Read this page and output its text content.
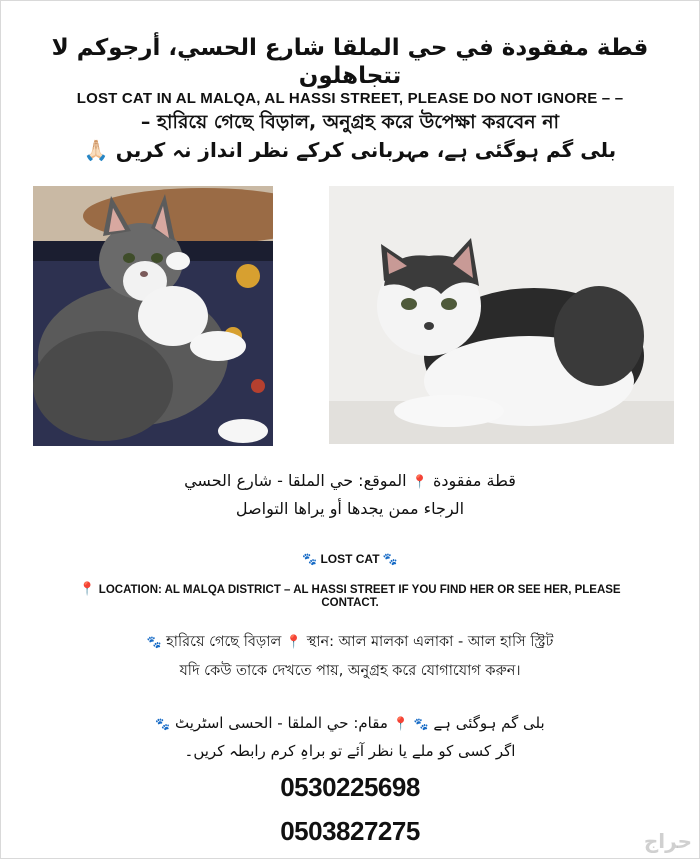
قطة مفقودة في حي الملقا شارع الحسي، أرجوكم لا تتجاهلون
LOST CAT IN AL MALQA, AL HASSI STREET, PLEASE DO NOT IGNORE – –
– হারিয়ে গেছে বিড়াল, অনুগ্রহ করে উপেক্ষা করবেন না
بلی گم ہوگئی ہے، مہربانی کرکے نظر انداز نہ کریں 🙏🏻
قطة مفقودة 📍 الموقع: حي الملقا - شارع الحسي
الرجاء ممن يجدها أو يراها التواصل
🐾 LOST CAT 🐾
📍 LOCATION: AL MALQA DISTRICT – AL HASSI STREET IF YOU FIND HER OR SEE HER, PLEASE CONTACT.
🐾 হারিয়ে গেছে বিড়াল 📍 স্থান: আল মালকা এলাকা - আল হাসি স্ট্রিট
যদি কেউ তাকে দেখতে পায়, অনুগ্রহ করে যোগাযোগ করুন।
بلی گم ہوگئی ہے 🐾 📍 مقام: حي الملقا - الحسی اسٹریٹ 🐾
اگر کسی کو ملے یا نظر آئے تو براہِ کرم رابطہ کریں۔
0530225698
0503827275	حراج
